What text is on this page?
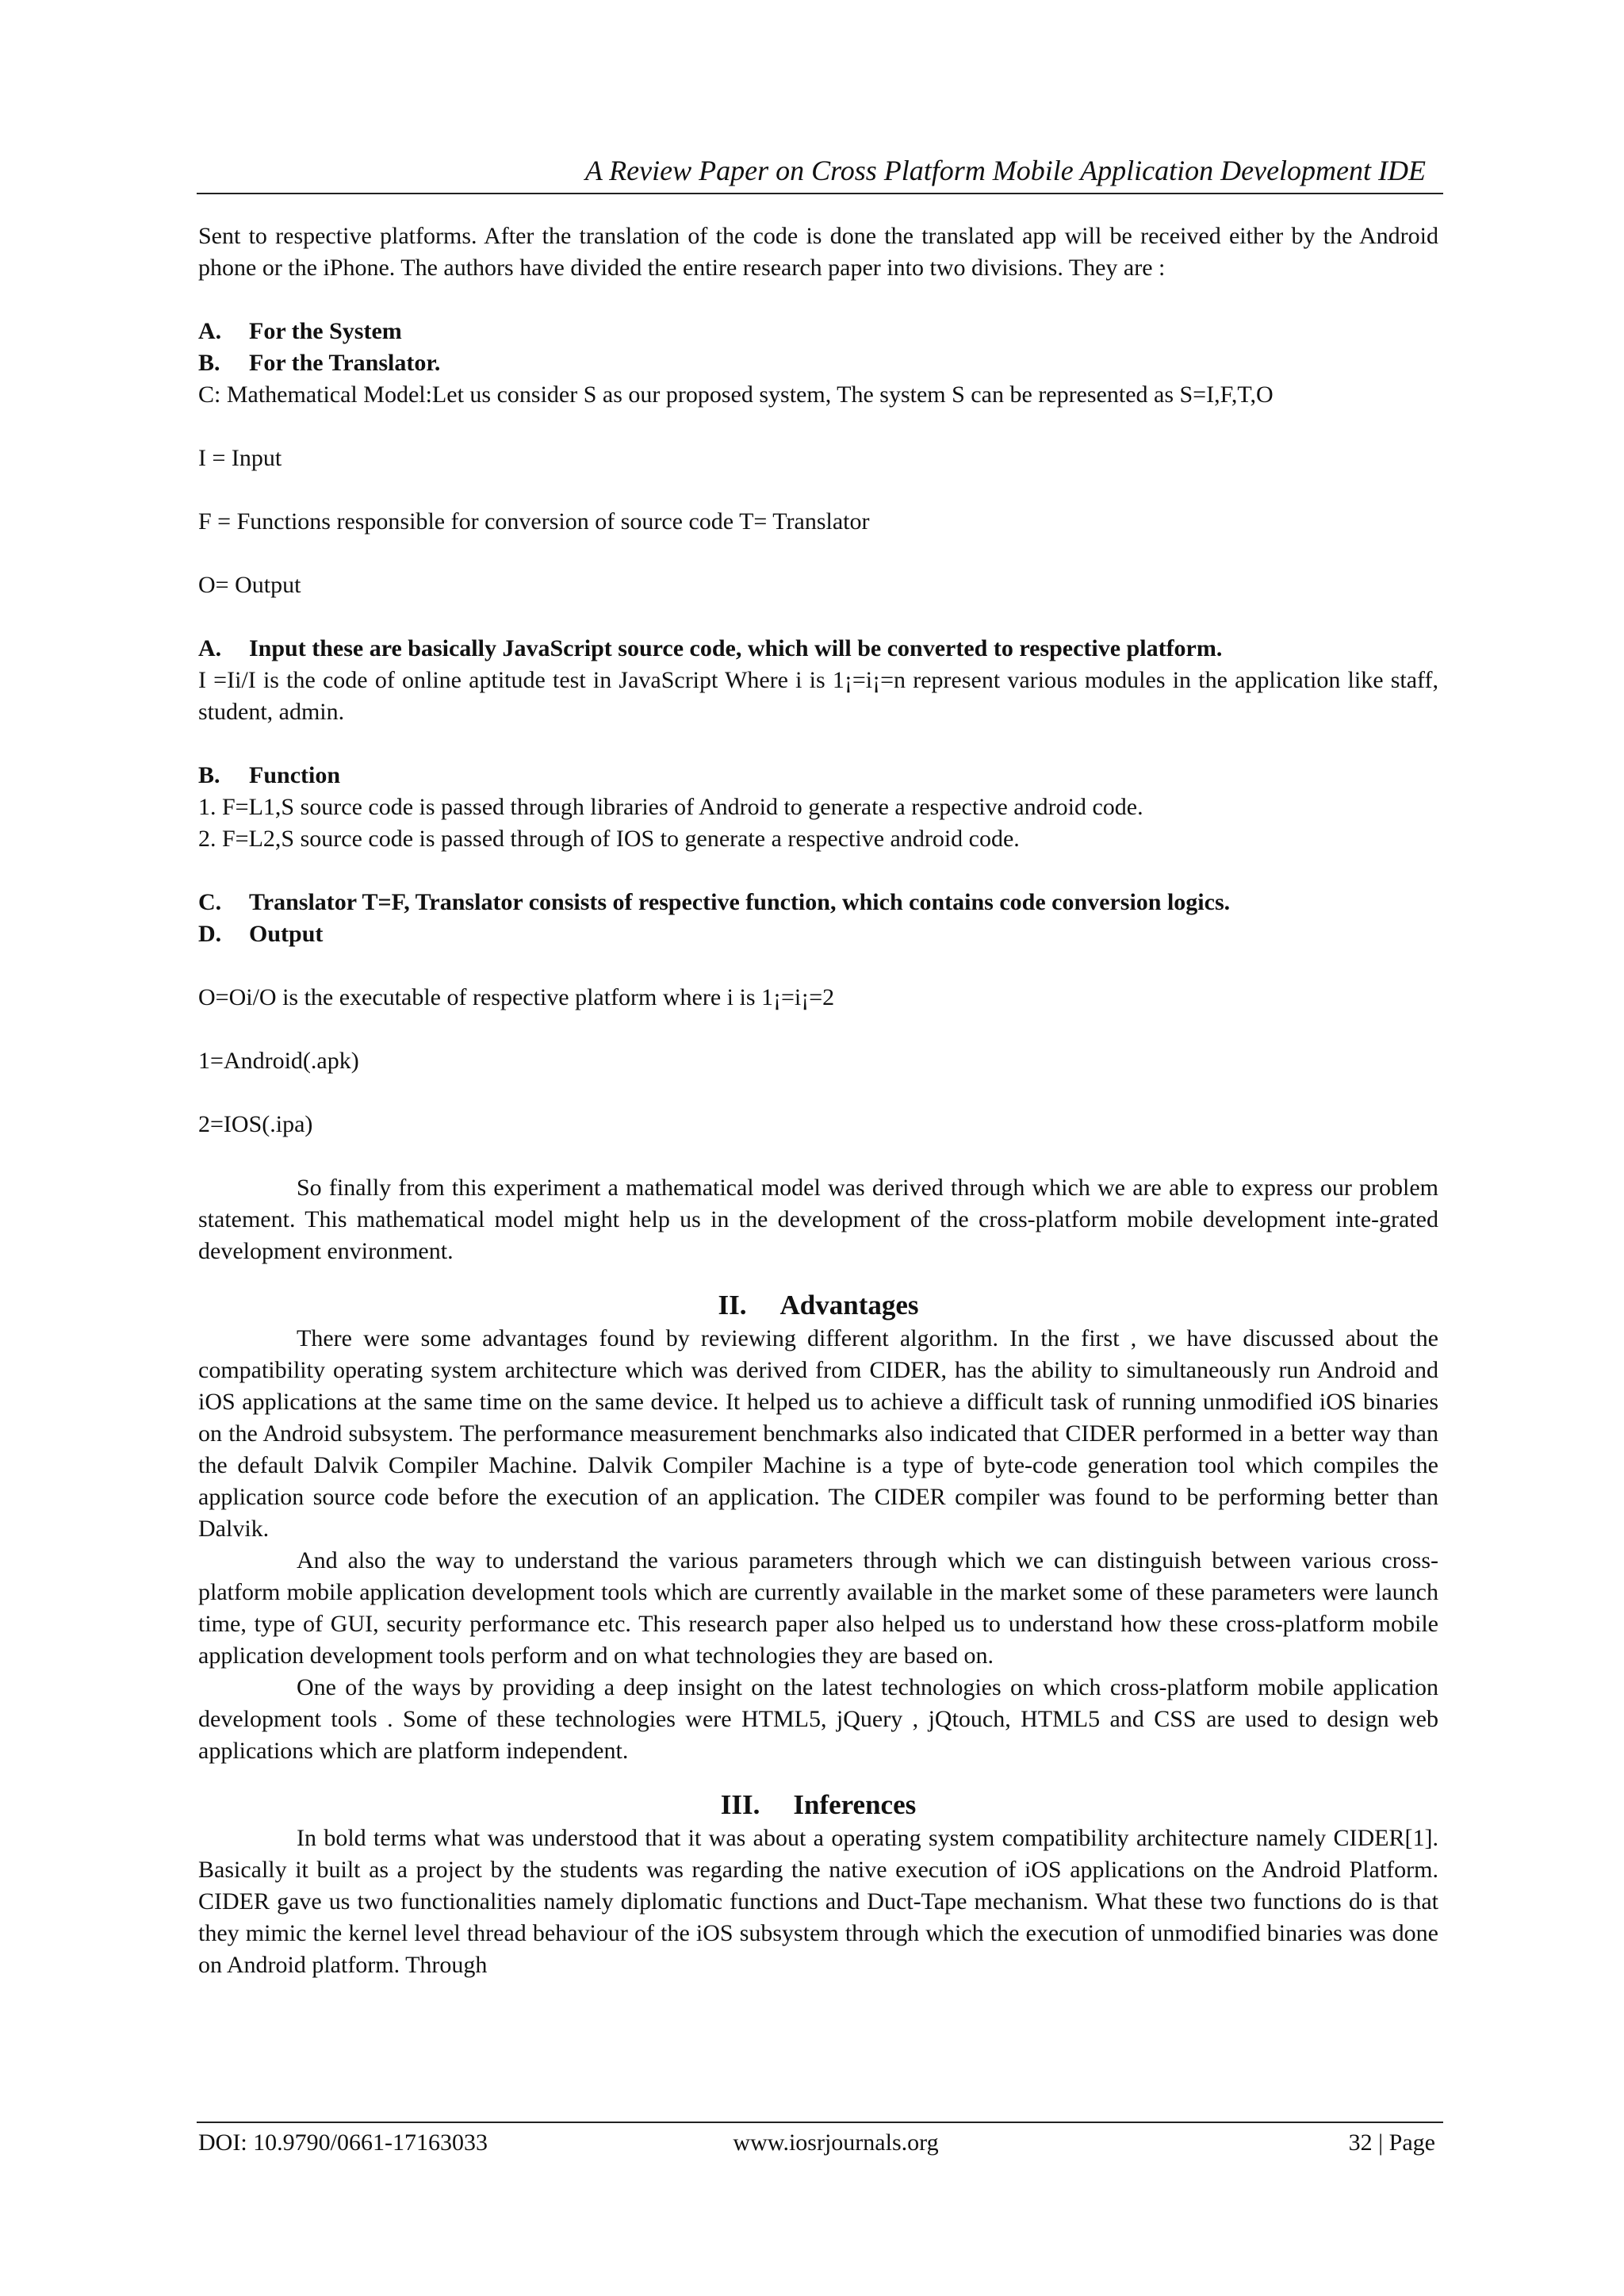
A Review Paper on Cross Platform Mobile Application Development IDE

Sent to respective platforms. After the translation of the code is done the translated app will be received either by the Android phone or the iPhone. The authors have divided the entire research paper into two divisions. They are :

A. For the System

B. For the Translator.

C: Mathematical Model:Let us consider S as our proposed system, The system S can be represented as S=I,F,T,O

I = Input

F = Functions responsible for conversion of source code T= Translator

O= Output

A. Input these are basically JavaScript source code, which will be converted to respective platform.

I =Ii/I is the code of online aptitude test in JavaScript Where i is 1¡=i¡=n represent various modules in the application like staff, student, admin.

B. Function

1. F=L1,S source code is passed through libraries of Android to generate a respective android code.

2. F=L2,S source code is passed through of IOS to generate a respective android code.

C. Translator T=F, Translator consists of respective function, which contains code conversion logics.

D. Output

O=Oi/O is the executable of respective platform where i is 1¡=i¡=2

1=Android(.apk)

2=IOS(.ipa)

So finally from this experiment a mathematical model was derived through which we are able to express our problem statement. This mathematical model might help us in the development of the cross-platform mobile development inte-grated development environment.

II. Advantages

There were some advantages found by reviewing different algorithm. In the first , we have discussed about the compatibility operating system architecture which was derived from CIDER, has the ability to simultaneously run Android and iOS applications at the same time on the same device. It helped us to achieve a difficult task of running unmodified iOS binaries on the Android subsystem. The performance measurement benchmarks also indicated that CIDER performed in a better way than the default Dalvik Compiler Machine. Dalvik Compiler Machine is a type of byte-code generation tool which compiles the application source code before the execution of an application. The CIDER compiler was found to be performing better than Dalvik.

And also the way to understand the various parameters through which we can distinguish between various cross-platform mobile application development tools which are currently available in the market some of these parameters were launch time, type of GUI, security performance etc. This research paper also helped us to understand how these cross-platform mobile application development tools perform and on what technologies they are based on.

One of the ways by providing a deep insight on the latest technologies on which cross-platform mobile application development tools . Some of these technologies were HTML5, jQuery , jQtouch, HTML5 and CSS are used to design web applications which are platform independent.

III. Inferences

In bold terms what was understood that it was about a operating system compatibility architecture namely CIDER[1]. Basically it built as a project by the students was regarding the native execution of iOS applications on the Android Platform. CIDER gave us two functionalities namely diplomatic functions and Duct-Tape mechanism. What these two functions do is that they mimic the kernel level thread behaviour of the iOS subsystem through which the execution of unmodified binaries was done on Android platform. Through

DOI: 10.9790/0661-17163033	www.iosrjournals.org	32 | Page
